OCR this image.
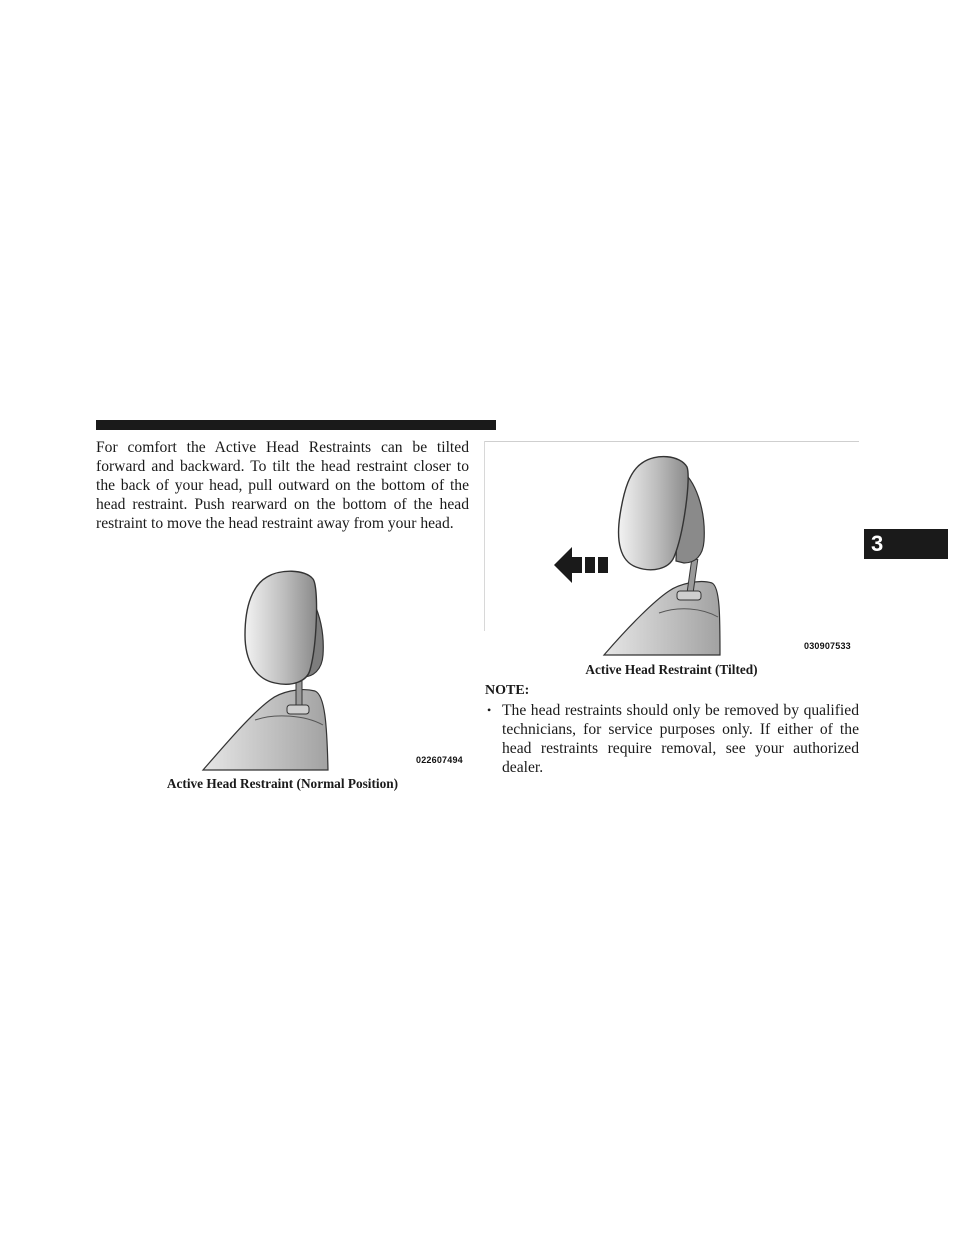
For comfort the Active Head Restraints can be tilted forward and backward. To tilt the head restraint closer to the back of your head, pull outward on the bottom of the head restraint. Push rearward on the bottom of the head restraint to move the head restraint away from your head.

022607494
030907533

Active Head Restraint (Normal Position)

Active Head Restraint (Tilted)

NOTE:

• The head restraints should only be removed by qualified technicians, for service purposes only. If either of the head restraints require removal, see your authorized dealer.
3
